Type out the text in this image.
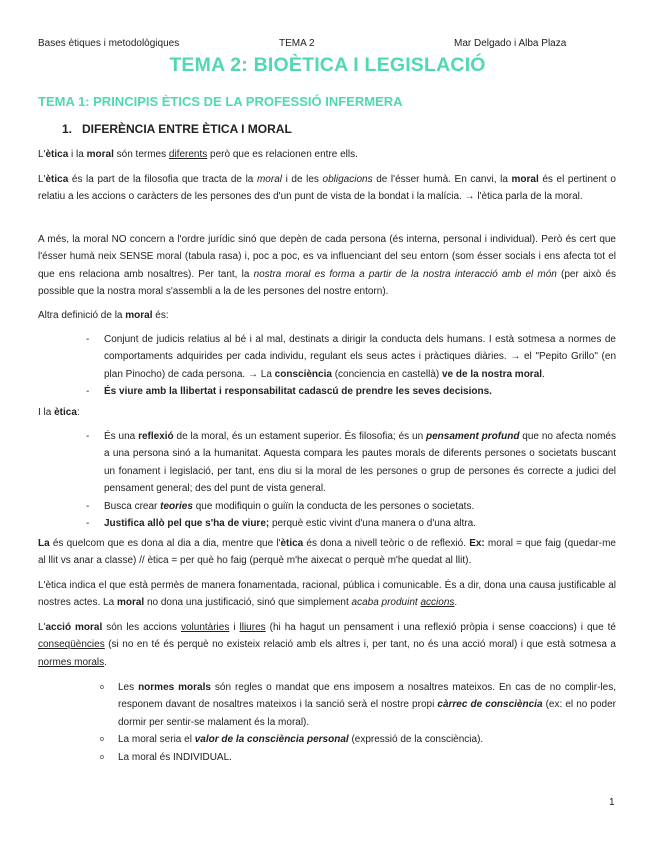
Bases ètiques i metodològiques	TEMA 2	Mar Delgado i Alba Plaza
TEMA 2: BIOÈTICA I LEGISLACIÓ
TEMA 1: PRINCIPIS ÈTICS DE LA PROFESSIÓ INFERMERA
1. DIFERÈNCIA ENTRE ÈTICA I MORAL

L'ètica i la moral són termes diferents però que es relacionen entre ells.

L'ètica és la part de la filosofia que tracta de la moral i de les obligacions de l'ésser humà. En canvi, la moral és el pertinent o relatiu a les accions o caràcters de les persones des d'un punt de vista de la bondat i la malícia. → l'ètica parla de la moral.

A més, la moral NO concern a l'ordre jurídic sinó que depèn de cada persona (és interna, personal i individual). Però és cert que l'ésser humà neix SENSE moral (tabula rasa) i, poc a poc, es va influenciant del seu entorn (som ésser socials i ens afecta tot el que ens relaciona amb nosaltres). Per tant, la nostra moral es forma a partir de la nostra interacció amb el món (per això és possible que la nostra moral s'assembli a la de les persones del nostre entorn).

Altra definició de la moral és:

- Conjunt de judicis relatius al bé i al mal, destinats a dirigir la conducta dels humans. I està sotmesa a normes de comportaments adquirides per cada individu, regulant els seus actes i pràctiques diàries. → el "Pepito Grillo" (en plan Pinocho) de cada persona. → La consciència (conciencia en castellà) ve de la nostra moral.

- És viure amb la llibertat i responsabilitat cadascú de prendre les seves decisions.

I la ètica:

- És una reflexió de la moral, és un estament superior. És filosofia; és un pensament profund que no afecta només a una persona sinó a la humanitat. Aquesta compara les pautes morals de diferents persones o societats buscant un fonament i legislació, per tant, ens diu si la moral de les persones o grup de persones és correcte a judici del pensament general; des del punt de vista general.

- Busca crear teories que modifiquin o guiïn la conducta de les persones o societats.

- Justifica allò pel que s'ha de viure; perquè estic vivint d'una manera o d'una altra.

La és quelcom que es dona al dia a dia, mentre que l'ètica és dona a nivell teòric o de reflexió. Ex: moral = que faig (quedar-me al llit vs anar a classe) // ètica = per què ho faig (perquè m'he aixecat o perquè m'he quedat al llit).

L'ètica indica el que està permès de manera fonamentada, racional, pública i comunicable. És a dir, dona una causa justificable al nostres actes. La moral no dona una justificació, sinó que simplement acaba produint accions.

L'acció moral són les accions voluntàries i lliures (hi ha hagut un pensament i una reflexió pròpia i sense coaccions) i que té conseqüències (si no en té és perquè no existeix relació amb els altres i, per tant, no és una acció moral) i que està sotmesa a normes morals.

o Les normes morals són regles o mandat que ens imposem a nosaltres mateixos. En cas de no complir-les, responem davant de nosaltres mateixos i la sanció serà el nostre propi càrrec de consciència (ex: el no poder dormir per sentir-se malament és la moral).

o La moral seria el valor de la consciència personal (expressió de la consciència).

o La moral és INDIVIDUAL.

1
